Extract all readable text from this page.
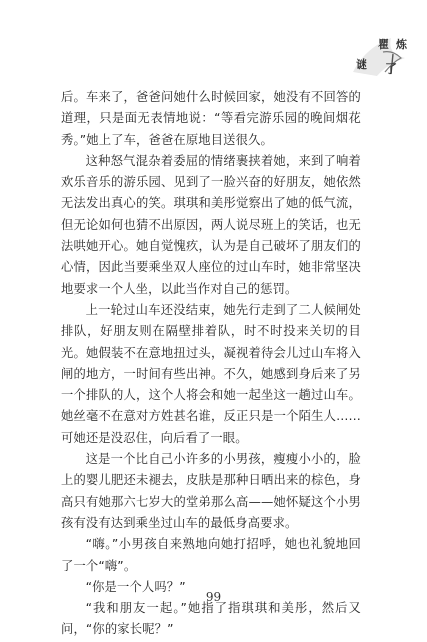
瞿 炼
谜 了

后。车来了，爸爸问她什么时候回家，她没有不回答的道理，只是面无表情地说：“等看完游乐园的晚间烟花秀。”她上了车，爸爸在原地目送很久。

这种怒气混杂着委屈的情绪裹挟着她，来到了响着欢乐音乐的游乐园、见到了一脸兴奋的好朋友，她依然无法发出真心的笑。琪琪和美彤觉察出了她的低气流，但无论如何也猜不出原因，两人说尽班上的笑话，也无法哄她开心。她自觉愧疚，认为是自己破坏了朋友们的心情，因此当要乘坐双人座位的过山车时，她非常坚决地要求一个人坐，以此当作对自己的惩罚。

上一轮过山车还没结束，她先行走到了二人候闸处排队，好朋友则在隔壁排着队，时不时投来关切的目光。她假装不在意地扭过头，凝视着待会儿过山车将入闸的地方，一时间有些出神。不久，她感到身后来了另一个排队的人，这个人将会和她一起坐这一趟过山车。她丝毫不在意对方姓甚名谁，反正只是一个陌生人……可她还是没忍住，向后看了一眼。

这是一个比自己小许多的小男孩，瘦瘦小小的，脸上的婴儿肥还未褪去，皮肤是那种日晒出来的棕色，身高只有她那六七岁大的堂弟那么高——她怀疑这个小男孩有没有达到乘坐过山车的最低身高要求。

“嗨。”小男孩自来熟地向她打招呼，她也礼貌地回了一个“嗨”。

“你是一个人吗？”

“我和朋友一起。”她指了指琪琪和美彤，然后又问，“你的家长呢？”

99
